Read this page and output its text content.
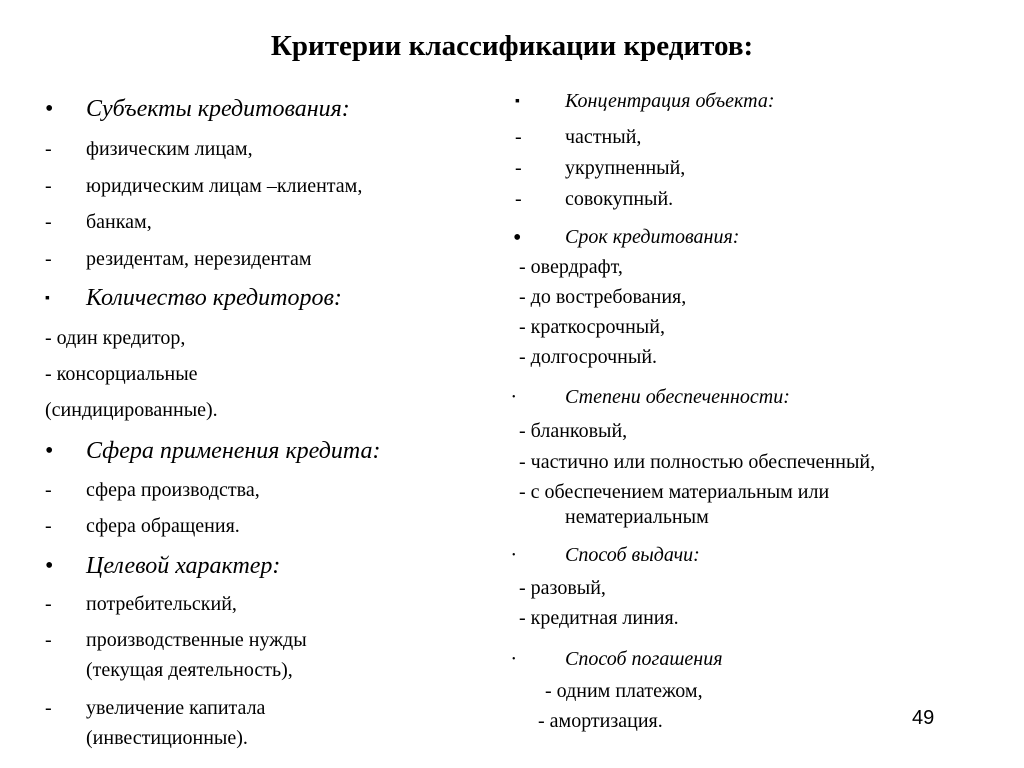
Критерии классификации кредитов:
• Субъекты кредитования:
- физическим лицам,
- юридическим лицам –клиентам,
- банкам,
- резидентам, нерезидентам
▪ Количество кредиторов:
- один кредитор,
- консорциальные
(синдицированные).
• Сфера применения кредита:
- сфера производства,
- сфера обращения.
• Целевой характер:
- потребительский,
- производственные нужды
(текущая деятельность),
- увеличение капитала
(инвестиционные).
▪ Концентрация объекта:
- частный,
- укрупненный,
- совокупный.
• Срок кредитования:
- овердрафт,
- до востребования,
- краткосрочный,
- долгосрочный.
• Степени обеспеченности:
- бланковый,
- частично или полностью обеспеченный,
- с обеспечением материальным или
нематериальным
• Способ выдачи:
- разовый,
- кредитная линия.
• Способ погашения
- одним платежом,
- амортизация.	49
